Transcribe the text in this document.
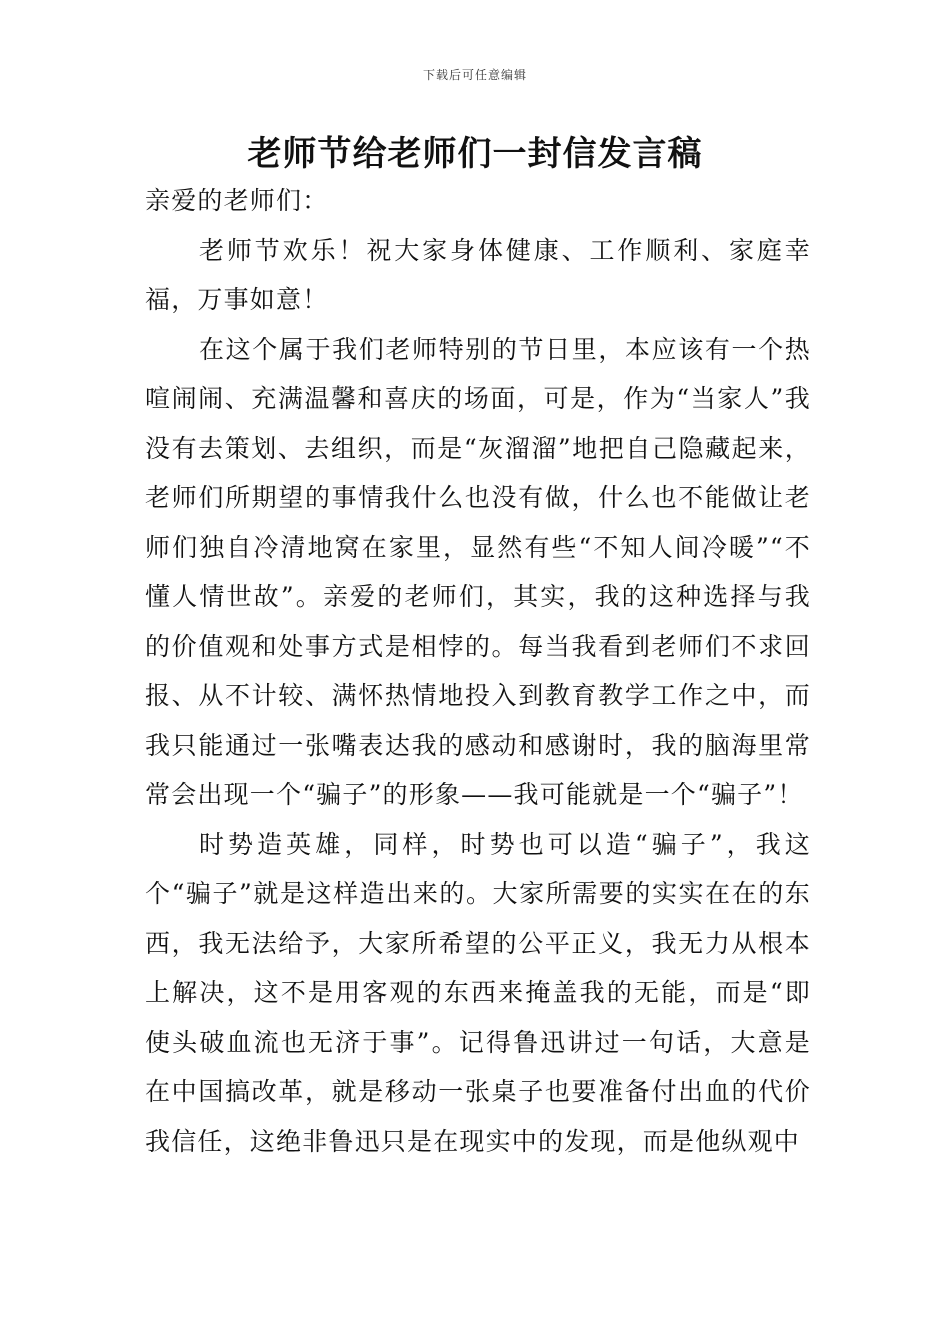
下载后可任意编辑
老师节给老师们一封信发言稿

亲爱的老师们：

老师节欢乐！祝大家身体健康、工作顺利、家庭幸福，万事如意！

在这个属于我们老师特别的节日里，本应该有一个热喧闹闹、充满温馨和喜庆的场面，可是，作为“当家人”我没有去策划、去组织，而是“灰溜溜”地把自己隐藏起来，老师们所期望的事情我什么也没有做，什么也不能做让老师们独自冷清地窝在家里，显然有些“不知人间冷暖”“不懂人情世故”。亲爱的老师们，其实，我的这种选择与我的价值观和处事方式是相悖的。每当我看到老师们不求回报、从不计较、满怀热情地投入到教育教学工作之中，而我只能通过一张嘴表达我的感动和感谢时，我的脑海里常常会出现一个“骗子”的形象——我可能就是一个“骗子”！

时势造英雄，同样，时势也可以造“骗子”，我这个“骗子”就是这样造出来的。大家所需要的实实在在的东西，我无法给予，大家所希望的公平正义，我无力从根本上解决，这不是用客观的东西来掩盖我的无能，而是“即使头破血流也无济于事”。记得鲁迅讲过一句话，大意是在中国搞改革，就是移动一张桌子也要准备付出血的代价我信任，这绝非鲁迅只是在现实中的发现，而是他纵观中
